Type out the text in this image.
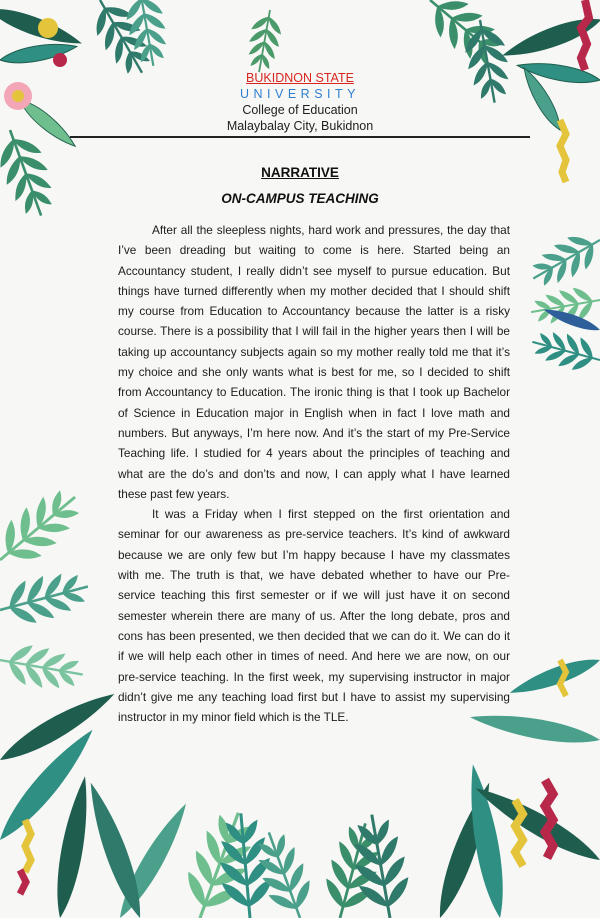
BUKIDNON STATE
UNIVERSITY
College of Education
Malaybalay City, Bukidnon
NARRATIVE
ON-CAMPUS TEACHING

After all the sleepless nights, hard work and pressures, the day that I’ve been dreading but waiting to come is here. Started being an Accountancy student, I really didn’t see myself to pursue education. But things have turned differently when my mother decided that I should shift my course from Education to Accountancy because the latter is a risky course. There is a possibility that I will fail in the higher years then I will be taking up accountancy subjects again so my mother really told me that it’s my choice and she only wants what is best for me, so I decided to shift from Accountancy to Education. The ironic thing is that I took up Bachelor of Science in Education major in English when in fact I love math and numbers. But anyways, I’m here now. And it’s the start of my Pre-Service Teaching life. I studied for 4 years about the principles of teaching and what are the do’s and don’ts and now, I can apply what I have learned these past few years.

It was a Friday when I first stepped on the first orientation and seminar for our awareness as pre-service teachers. It’s kind of awkward because we are only few but I’m happy because I have my classmates with me. The truth is that, we have debated whether to have our Pre-service teaching this first semester or if we will just have it on second semester wherein there are many of us. After the long debate, pros and cons has been presented, we then decided that we can do it. We can do it if we will help each other in times of need. And here we are now, on our pre-service teaching. In the first week, my supervising instructor in major didn’t give me any teaching load first but I have to assist my supervising instructor in my minor field which is the TLE.
